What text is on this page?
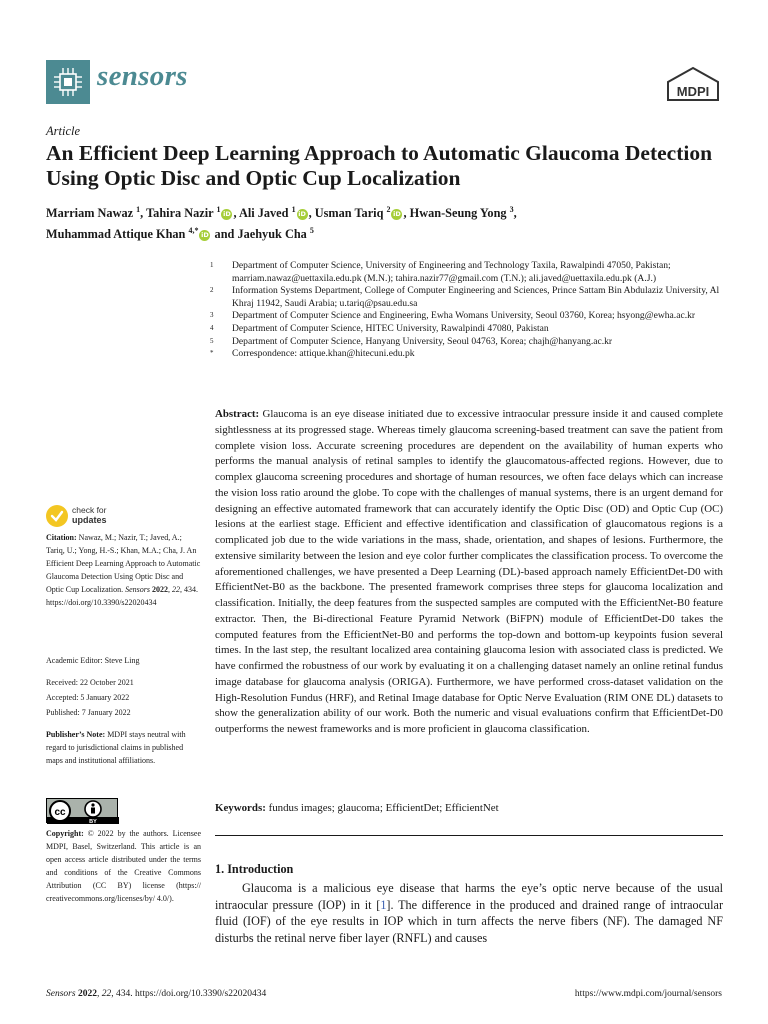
sensors	MDPI
Article
An Efficient Deep Learning Approach to Automatic Glaucoma Detection Using Optic Disc and Optic Cup Localization
Marriam Nawaz $^1$, Tahira Nazir $^1$ iD , Ali Javed $^1$ iD , Usman Tariq $^2$ iD , Hwan-Seung Yong $^3$,
Muhammad Attique Khan $^{4,*}$ iD and Jaehyuk Cha $^5$
1	Department of Computer Science, University of Engineering and Technology Taxila, Rawalpindi 47050, Pakistan; marriam.nawaz@uettaxila.edu.pk (M.N.); tahira.nazir77@gmail.com (T.N.); ali.javed@uettaxila.edu.pk (A.J.)
2	Information Systems Department, College of Computer Engineering and Sciences, Prince Sattam Bin Abdulaziz University, Al Khraj 11942, Saudi Arabia; u.tariq@psau.edu.sa
3	Department of Computer Science and Engineering, Ewha Womans University, Seoul 03760, Korea; hsyong@ewha.ac.kr
4	Department of Computer Science, HITEC University, Rawalpindi 47080, Pakistan
5	Department of Computer Science, Hanyang University, Seoul 04763, Korea; chajh@hanyang.ac.kr
*	Correspondence: attique.khan@hitecuni.edu.pk
Abstract: Glaucoma is an eye disease initiated due to excessive intraocular pressure inside it and caused complete sightlessness at its progressed stage. Whereas timely glaucoma screening-based treatment can save the patient from complete vision loss. Accurate screening procedures are dependent on the availability of human experts who performs the manual analysis of retinal samples to identify the glaucomatous-affected regions. However, due to complex glaucoma screening procedures and shortage of human resources, we often face delays which can increase the vision loss ratio around the globe. To cope with the challenges of manual systems, there is an urgent demand for designing an effective automated framework that can accurately identify the Optic Disc (OD) and Optic Cup (OC) lesions at the earliest stage. Efficient and effective identification and classification of glaucomatous regions is a complicated job due to the wide variations in the mass, shade, orientation, and shapes of lesions. Furthermore, the extensive similarity between the lesion and eye color further complicates the classification process. To overcome the aforementioned challenges, we have presented a Deep Learning (DL)-based approach namely EfficientDet-D0 with EfficientNet-B0 as the backbone. The presented framework comprises three steps for glaucoma localization and classification. Initially, the deep features from the suspected samples are computed with the EfficientNet-B0 feature extractor. Then, the Bi-directional Feature Pyramid Network (BiFPN) module of EfficientDet-D0 takes the computed features from the EfficientNet-B0 and performs the top-down and bottom-up keypoints fusion several times. In the last step, the resultant localized area containing glaucoma lesion with associated class is predicted. We have confirmed the robustness of our work by evaluating it on a challenging dataset namely an online retinal fundus image database for glaucoma analysis (ORIGA). Furthermore, we have performed cross-dataset validation on the High-Resolution Fundus (HRF), and Retinal Image database for Optic Nerve Evaluation (RIM ONE DL) datasets to show the generalization ability of our work. Both the numeric and visual evaluations confirm that EfficientDet-D0 outperforms the newest frameworks and is more proficient in glaucoma classification.
Keywords: fundus images; glaucoma; EfficientDet; EfficientNet
1. Introduction
Glaucoma is a malicious eye disease that harms the eye’s optic nerve because of the usual intraocular pressure (IOP) in it [1]. The difference in the produced and drained range of intraocular fluid (IOF) of the eye results in IOP which in turn affects the nerve fibers (NF). The damaged NF disturbs the retinal nerve fiber layer (RNFL) and causes
check for
updates
Citation: Nawaz, M.; Nazir, T.; Javed, A.; Tariq, U.; Yong, H.-S.; Khan, M.A.; Cha, J. An Efficient Deep Learning Approach to Automatic Glaucoma Detection Using Optic Disc and Optic Cup Localization. Sensors 2022, 22, 434. https://doi.org/10.3390/s22020434
Academic Editor: Steve Ling
Received: 22 October 2021
Accepted: 5 January 2022
Published: 7 January 2022
Publisher’s Note: MDPI stays neutral with regard to jurisdictional claims in published maps and institutional affiliations.
cc
BY
Copyright: © 2022 by the authors. Licensee MDPI, Basel, Switzerland. This article is an open access article distributed under the terms and conditions of the Creative Commons Attribution (CC BY) license (https:// creativecommons.org/licenses/by/ 4.0/).
Sensors 2022, 22, 434. https://doi.org/10.3390/s22020434	https://www.mdpi.com/journal/sensors
